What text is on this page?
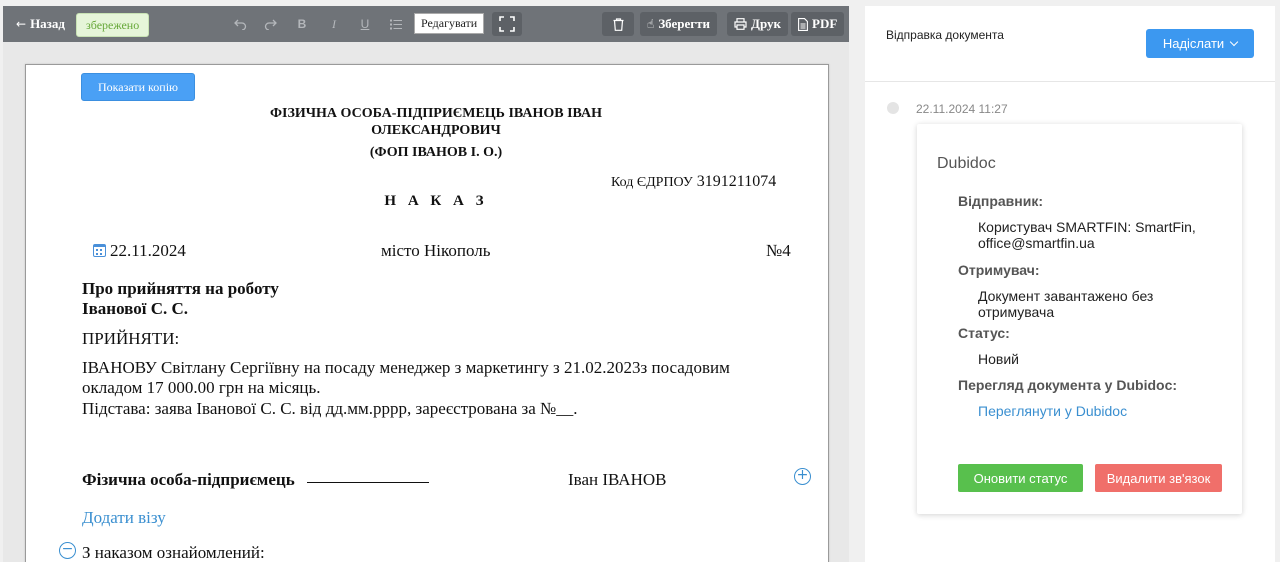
← Назад	збережено	B I U	Редагувати	☝ Зберегти	Друк PDF
Показати копію
ФІЗИЧНА ОСОБА-ПІДПРИЄМЕЦЬ ІВАНОВ ІВАН
ОЛЕКСАНДРОВИЧ
(ФОП ІВАНОВ І. О.)
Код ЄДРПОУ 3191211074
Н А К А З
22.11.2024	місто Нікополь	№4
Про прийняття на роботу
Іванової С. С.
ПРИЙНЯТИ:
ІВАНОВУ Світлану Сергіївну на посаду менеджер з маркетингу з 21.02.2023з посадовим
окладом 17 000.00 грн на місяць.
Підстава: заява Іванової С. С. від дд.мм.рррр, зареєстрована за №__.
Фізична особа-підприємець	Іван ІВАНОВ	+
Додати візу
− З наказом ознайомлений:
Відправка документа
Надіслати
22.11.2024 11:27
Dubidoc
Відправник:
Користувач SMARTFIN: SmartFin,
office@smartfin.ua
Отримувач:
Документ завантажено без
отримувача
Статус:
Новий
Перегляд документа у Dubidoc:
Переглянути у Dubidoc
Оновити статус	Видалити зв'язок
